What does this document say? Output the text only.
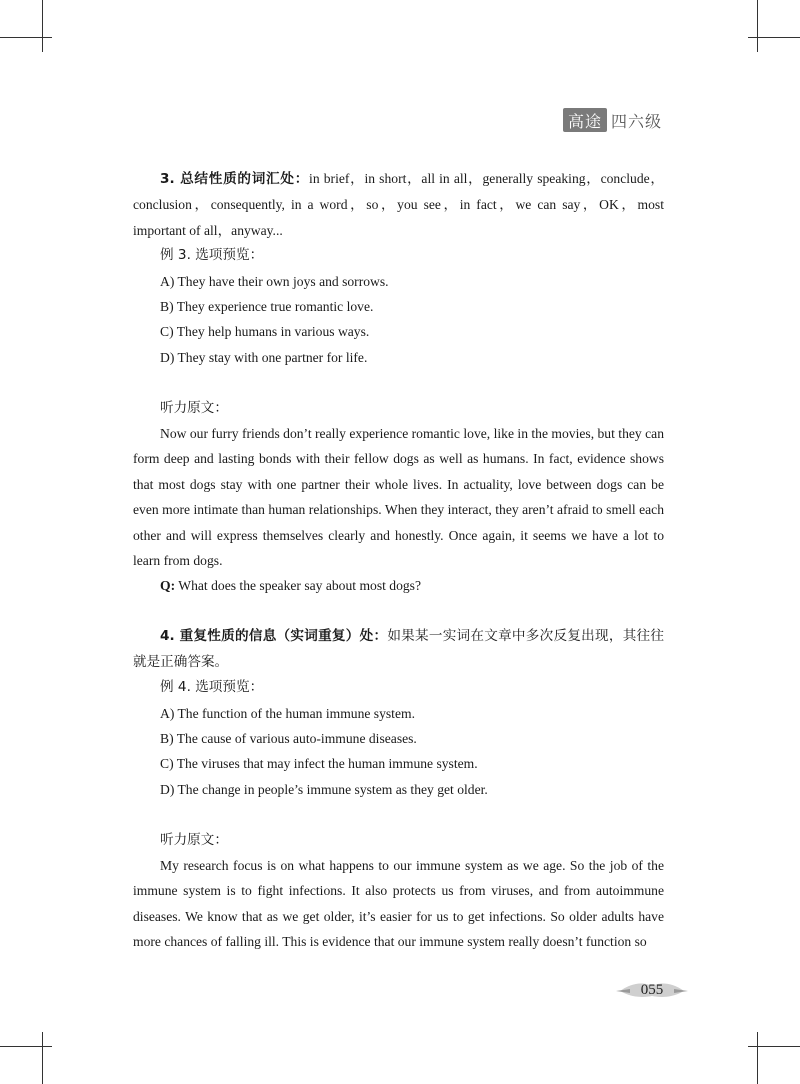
高途 四六级

3. 总结性质的词汇处：in brief，in short，all in all，generally speaking，conclude，conclusion，consequently, in a word，so，you see，in fact，we can say，OK，most important of all，anyway...

例 3. 选项预览：

A) They have their own joys and sorrows.

B) They experience true romantic love.

C) They help humans in various ways.

D) They stay with one partner for life.

听力原文：

Now our furry friends don’t really experience romantic love, like in the movies, but they can form deep and lasting bonds with their fellow dogs as well as humans. In fact, evidence shows that most dogs stay with one partner their whole lives. In actuality, love between dogs can be even more intimate than human relationships. When they interact, they aren’t afraid to smell each other and will express themselves clearly and honestly. Once again, it seems we have a lot to learn from dogs.

Q: What does the speaker say about most dogs?

4. 重复性质的信息（实词重复）处：如果某一实词在文章中多次反复出现，其往往就是正确答案。

例 4. 选项预览：

A) The function of the human immune system.

B) The cause of various auto-immune diseases.

C) The viruses that may infect the human immune system.

D) The change in people’s immune system as they get older.

听力原文：

My research focus is on what happens to our immune system as we age. So the job of the immune system is to fight infections. It also protects us from viruses, and from autoimmune diseases. We know that as we get older, it’s easier for us to get infections. So older adults have more chances of falling ill. This is evidence that our immune system really doesn’t function so

055
